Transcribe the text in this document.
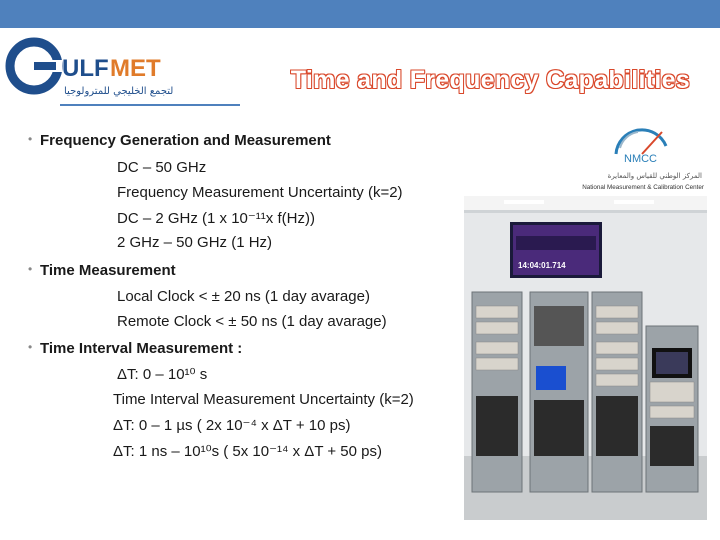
ULF MET
التجمع الخليجي للمترولوجيا	Time and Frequency Capabilities
• Frequency Generation and Measurement
DC – 50 GHz
Frequency Measurement Uncertainty (k=2)
DC – 2 GHz (1 x 10⁻¹¹x f(Hz))
2 GHz – 50 GHz (1 Hz)
• Time Measurement
Local Clock < ± 20 ns (1 day avarage)
Remote Clock < ± 50 ns (1 day avarage)
• Time Interval Measurement :
ΔT: 0 – 10¹⁰ s
Time Interval Measurement Uncertainty (k=2)
ΔT: 0 – 1 µs ( 2x 10⁻⁴ x ΔT + 10 ps)
ΔT: 1 ns – 10¹⁰s ( 5x 10⁻¹⁴ x ΔT + 50 ps)
NMCC
المركز الوطني للقياس والمعايرة
National Measurement & Calibration Center
14:04:01.714
